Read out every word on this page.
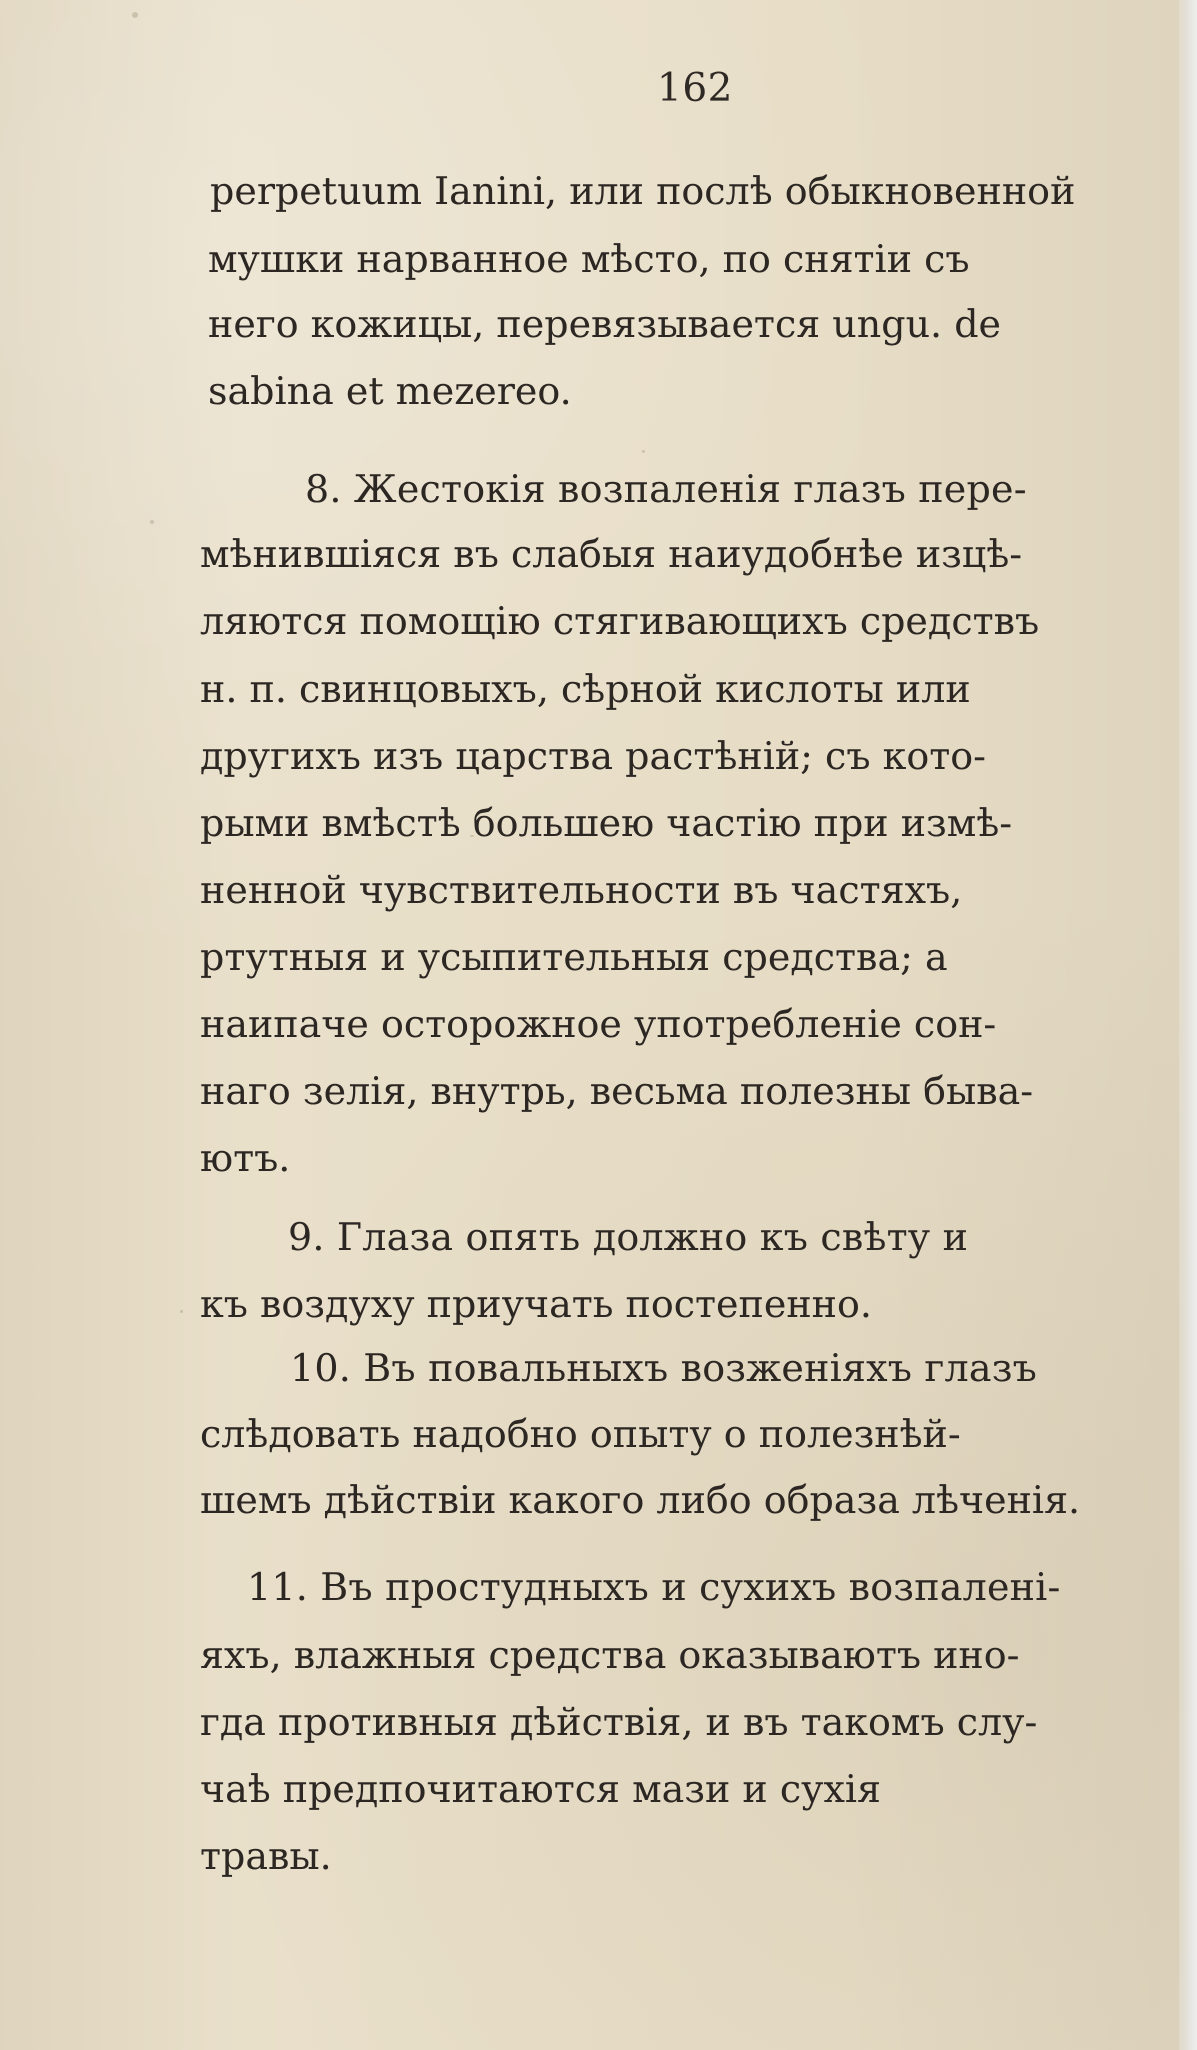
162
perpetuum Ianini, или послѣ обыкновенной
мушки нарванное мѣсто, по снятіи съ
него кожицы, перевязывается ungu. de
sabina et mezereo.
8. Жестокія возпаленія глазъ пере-
мѣнившіяся въ слабыя наиудобнѣе изцѣ-
ляются помощію стягивающихъ средствъ
н. п. свинцовыхъ, сѣрной кислоты или
другихъ изъ царства растѣній; съ кото-
рыми вмѣстѣ большею частію при измѣ-
ненной чувствительности въ частяхъ,
ртутныя и усыпительныя средства; а
наипаче осторожное употребленіе сон-
наго зелія, внутрь, весьма полезны быва-
ютъ.
9. Глаза опять должно къ свѣту и
къ воздуху приучать постепенно.
10. Въ повальныхъ возженіяхъ глазъ
слѣдовать надобно опыту о полезнѣй-
шемъ дѣйствіи какого либо образа лѣченія.
11. Въ простудныхъ и сухихъ возпаленi-
яхъ, влажныя средства оказываютъ ино-
гда противныя дѣйствія, и въ такомъ слу-
чаѣ предпочитаются мази и сухія
травы.
